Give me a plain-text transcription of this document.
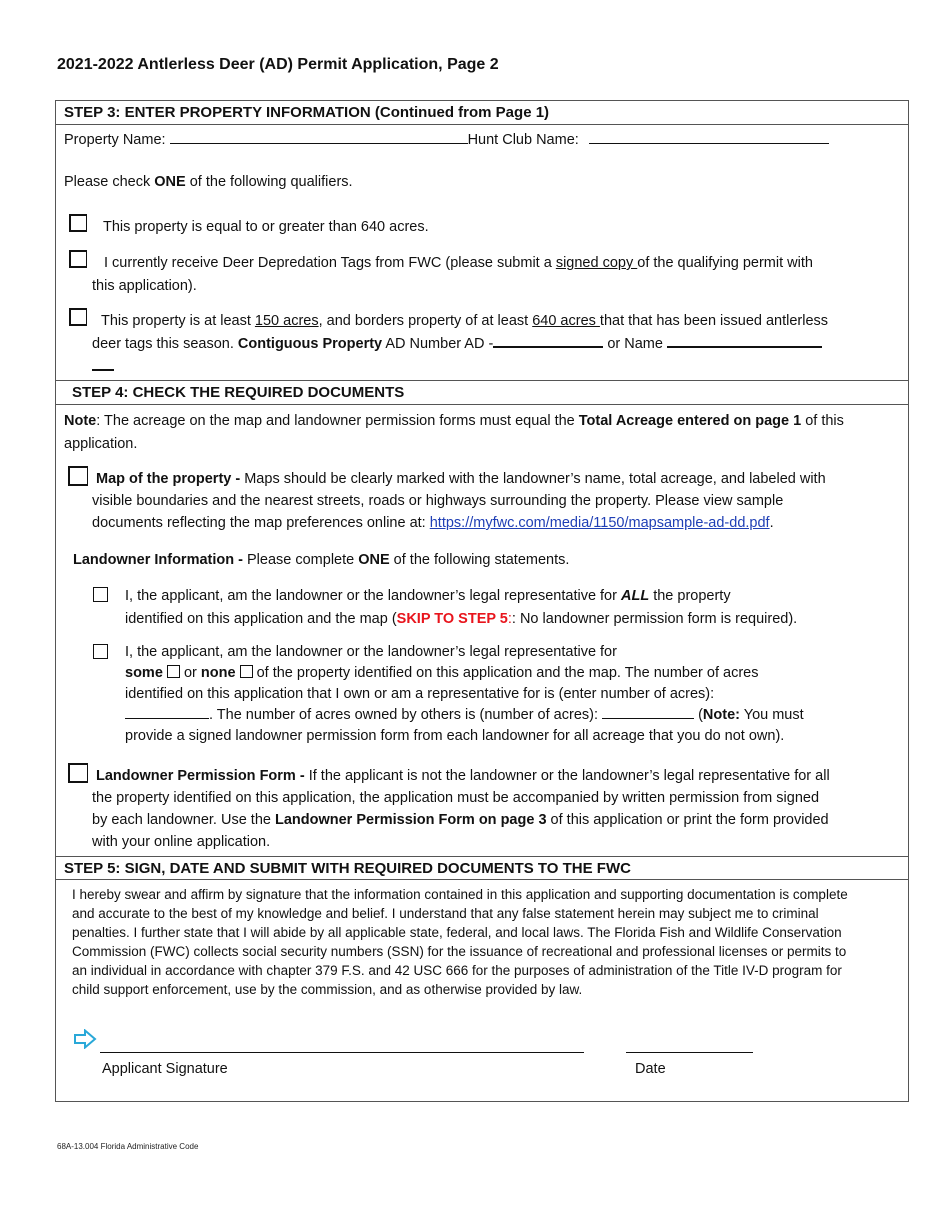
2021-2022 Antlerless Deer (AD) Permit Application, Page 2
STEP 3: ENTER PROPERTY INFORMATION (Continued from Page 1)
Property Name:	Hunt Club Name:
Please check ONE of the following qualifiers.
This property is equal to or greater than 640 acres.
I currently receive Deer Depredation Tags from FWC (please submit a signed copy of the qualifying permit with
this application).
This property is at least 150 acres, and borders property of at least 640 acres that that has been issued antlerless
deer tags this season. Contiguous Property AD Number AD -	or Name

STEP 4: CHECK THE REQUIRED DOCUMENTS
Note: The acreage on the map and landowner permission forms must equal the Total Acreage entered on page 1 of this
application.
Map of the property - Maps should be clearly marked with the landowner’s name, total acreage, and labeled with
visible boundaries and the nearest streets, roads or highways surrounding the property. Please view sample
documents reflecting the map preferences online at: https://myfwc.com/media/1150/mapsample-ad-dd.pdf.
Landowner Information - Please complete ONE of the following statements.
I, the applicant, am the landowner or the landowner’s legal representative for ALL the property
identified on this application and the map (SKIP TO STEP 5:: No landowner permission form is required).
I, the applicant, am the landowner or the landowner’s legal representative for
some  or none  of the property identified on this application and the map. The number of acres
identified on this application that I own or am a representative for is (enter number of acres):
. The number of acres owned by others is (number of acres):	(Note: You must
provide a signed landowner permission form from each landowner for all acreage that you do not own).
Landowner Permission Form - If the applicant is not the landowner or the landowner’s legal representative for all
the property identified on this application, the application must be accompanied by written permission from signed
by each landowner. Use the Landowner Permission Form on page 3 of this application or print the form provided
with your online application.
STEP 5: SIGN, DATE AND SUBMIT WITH REQUIRED DOCUMENTS TO THE FWC
I hereby swear and affirm by signature that the information contained in this application and supporting documentation is complete
and accurate to the best of my knowledge and belief. I understand that any false statement herein may subject me to criminal
penalties. I further state that I will abide by all applicable state, federal, and local laws. The Florida Fish and Wildlife Conservation
Commission (FWC) collects social security numbers (SSN) for the issuance of recreational and professional licenses or permits to
an individual in accordance with chapter 379 F.S. and 42 USC 666 for the purposes of administration of the Title IV-D program for
child support enforcement, use by the commission, and as otherwise provided by law.
Applicant Signature	Date
68A-13.004 Florida Administrative Code
